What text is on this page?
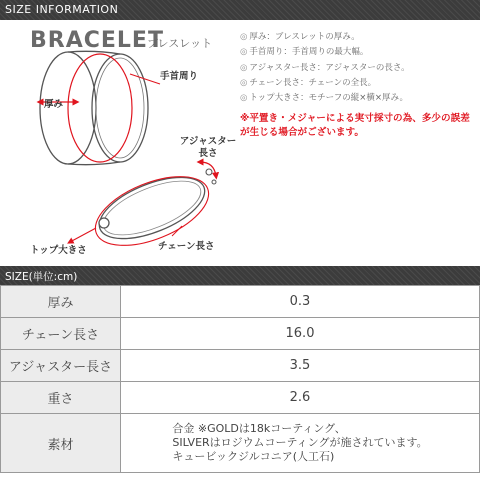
SIZE INFORMATION
BRACELET
ブレスレット	◎ 厚み：ブレスレットの厚み。
◎ 手首周り：手首周りの最大幅。
◎ アジャスター長さ：アジャスターの長さ。
◎ チェーン長さ：チェーンの全長。
◎ トップ大きさ：モチーフの縦×横×厚み。
※平置き・メジャーによる実寸採寸の為、多少の誤差が生じる場合がございます。
厚み
手首周り
アジャスター
長さ
トップ大きさ	チェーン長さ
SIZE(単位:cm)
厚み	0.3
チェーン長さ	16.0
アジャスター長さ	3.5
重さ	2.6
素材	合金 ※GOLDは18kコーティング、
SILVERはロジウムコーティングが施されています。
キュービックジルコニア(人工石)
